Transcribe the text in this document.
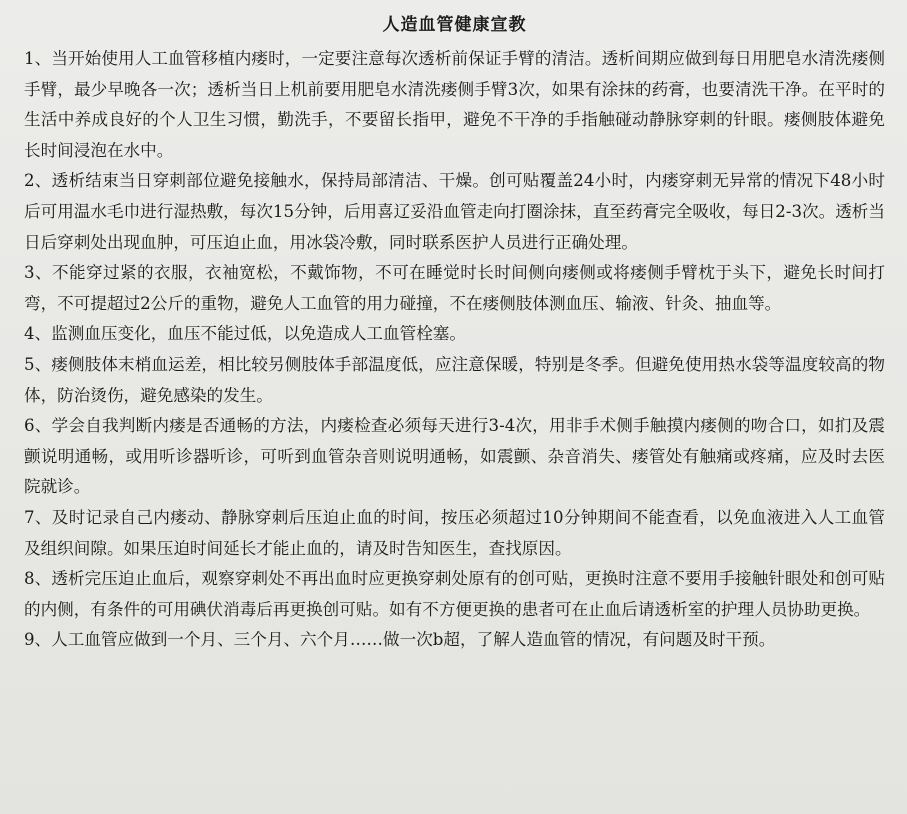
人造血管健康宣教
1、当开始使用人工血管移植内瘘时，一定要注意每次透析前保证手臂的清洁。透析间期应做到每日用肥皂水清洗瘘侧手臂，最少早晚各一次；透析当日上机前要用肥皂水清洗瘘侧手臂3次，如果有涂抹的药膏，也要清洗干净。在平时的生活中养成良好的个人卫生习惯，勤洗手，不要留长指甲，避免不干净的手指触碰动静脉穿刺的针眼。瘘侧肢体避免长时间浸泡在水中。
2、透析结束当日穿刺部位避免接触水，保持局部清洁、干燥。创可贴覆盖24小时，内瘘穿刺无异常的情况下48小时后可用温水毛巾进行湿热敷，每次15分钟，后用喜辽妥沿血管走向打圈涂抹，直至药膏完全吸收，每日2-3次。透析当日后穿刺处出现血肿，可压迫止血，用冰袋冷敷，同时联系医护人员进行正确处理。
3、不能穿过紧的衣服，衣袖宽松，不戴饰物，不可在睡觉时长时间侧向瘘侧或将瘘侧手臂枕于头下，避免长时间打弯，不可提超过2公斤的重物，避免人工血管的用力碰撞，不在瘘侧肢体测血压、输液、针灸、抽血等。
4、监测血压变化，血压不能过低，以免造成人工血管栓塞。
5、瘘侧肢体末梢血运差，相比较另侧肢体手部温度低，应注意保暖，特别是冬季。但避免使用热水袋等温度较高的物体，防治烫伤，避免感染的发生。
6、学会自我判断内瘘是否通畅的方法，内瘘检查必须每天进行3-4次，用非手术侧手触摸内瘘侧的吻合口，如扪及震颤说明通畅，或用听诊器听诊，可听到血管杂音则说明通畅，如震颤、杂音消失、瘘管处有触痛或疼痛，应及时去医院就诊。
7、及时记录自己内瘘动、静脉穿刺后压迫止血的时间，按压必须超过10分钟期间不能查看，以免血液进入人工血管及组织间隙。如果压迫时间延长才能止血的，请及时告知医生，查找原因。
8、透析完压迫止血后，观察穿刺处不再出血时应更换穿刺处原有的创可贴，更换时注意不要用手接触针眼处和创可贴的内侧，有条件的可用碘伏消毒后再更换创可贴。如有不方便更换的患者可在止血后请透析室的护理人员协助更换。
9、人工血管应做到一个月、三个月、六个月……做一次b超，了解人造血管的情况，有问题及时干预。
